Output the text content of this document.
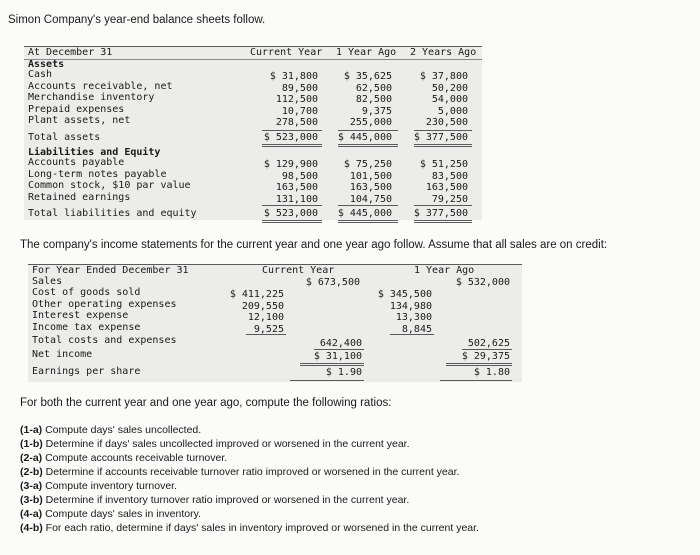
Simon Company's year-end balance sheets follow.
At December 31	Current Year 1 Year Ago 2 Years Ago
Assets
Cash	$ 31,800	$ 35,625	$ 37,800
Accounts receivable, net	89,500	62,500	50,200
Merchandise inventory	112,500	82,500	54,000
Prepaid expenses	10,700	9,375	5,000
Plant assets, net	278,500	255,000	230,500
Total assets	$ 523,000	$ 445,000	$ 377,500
Liabilities and Equity
Accounts payable	$ 129,900	$ 75,250	$ 51,250
Long-term notes payable	98,500	101,500	83,500
Common stock, $10 par value	163,500	163,500	163,500
Retained earnings	131,100	104,750	79,250
Total liabilities and equity	$ 523,000	$ 445,000	$ 377,500
The company's income statements for the current year and one year ago follow. Assume that all sales are on credit:
For Year Ended December 31	Current Year	1 Year Ago
Sales	$ 673,500	$ 532,000
Cost of goods sold	$ 411,225	$ 345,500
Other operating expenses	209,550	134,980
Interest expense	12,100	13,300
Income tax expense	9,525	8,845
Total costs and expenses	642,400	502,625
Net income	$ 31,100	$ 29,375
Earnings per share	$ 1.90	$ 1.80
For both the current year and one year ago, compute the following ratios:
(1-a) Compute days' sales uncollected.
(1-b) Determine if days' sales uncollected improved or worsened in the current year.
(2-a) Compute accounts receivable turnover.
(2-b) Determine if accounts receivable turnover ratio improved or worsened in the current year.
(3-a) Compute inventory turnover.
(3-b) Determine if inventory turnover ratio improved or worsened in the current year.
(4-a) Compute days' sales in inventory.
(4-b) For each ratio, determine if days' sales in inventory improved or worsened in the current year.
